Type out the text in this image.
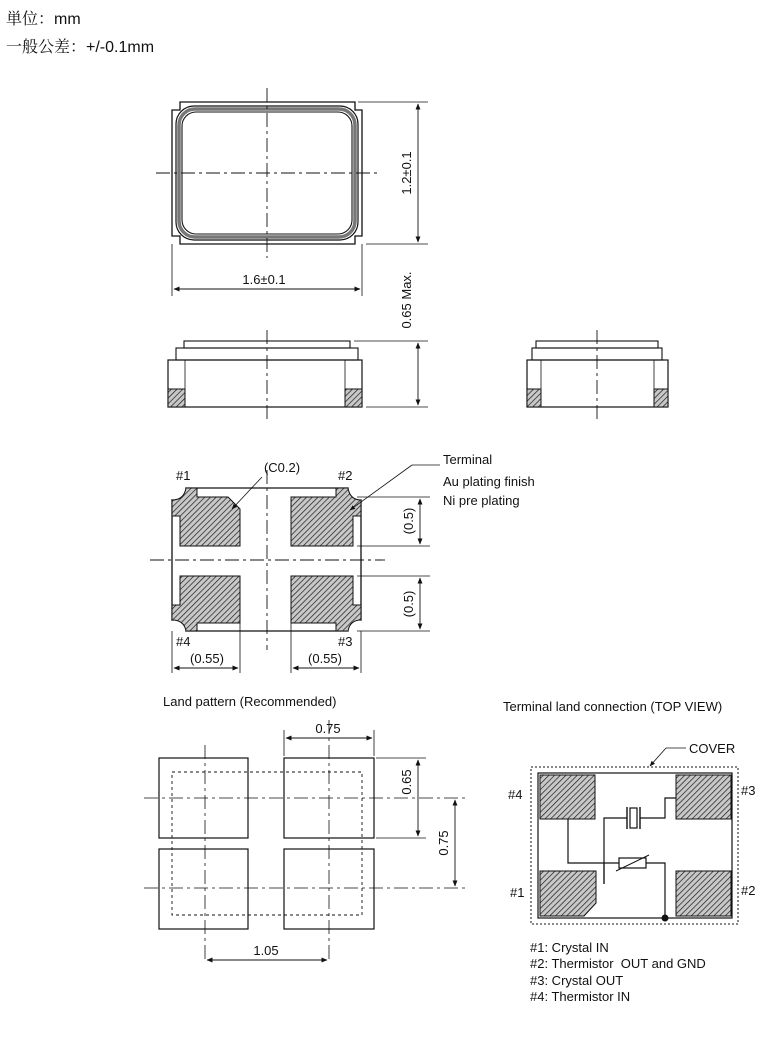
単位：mm
一般公差：+/-0.1mm
1.6±0.1
1.2±0.1
0.65 Max.
#1	#2
#4	#3
(C0.2)
Terminal
Au plating finish
Ni pre plating
(0.5)
(0.5)
(0.55)	(0.55)
Land pattern (Recommended)
0.75
0.65
0.75
1.05
Terminal land connection (TOP VIEW)
COVER
#4	#3
#1	#2
#1: Crystal IN
#2: Thermistor  OUT and GND
#3: Crystal OUT
#4: Thermistor IN
